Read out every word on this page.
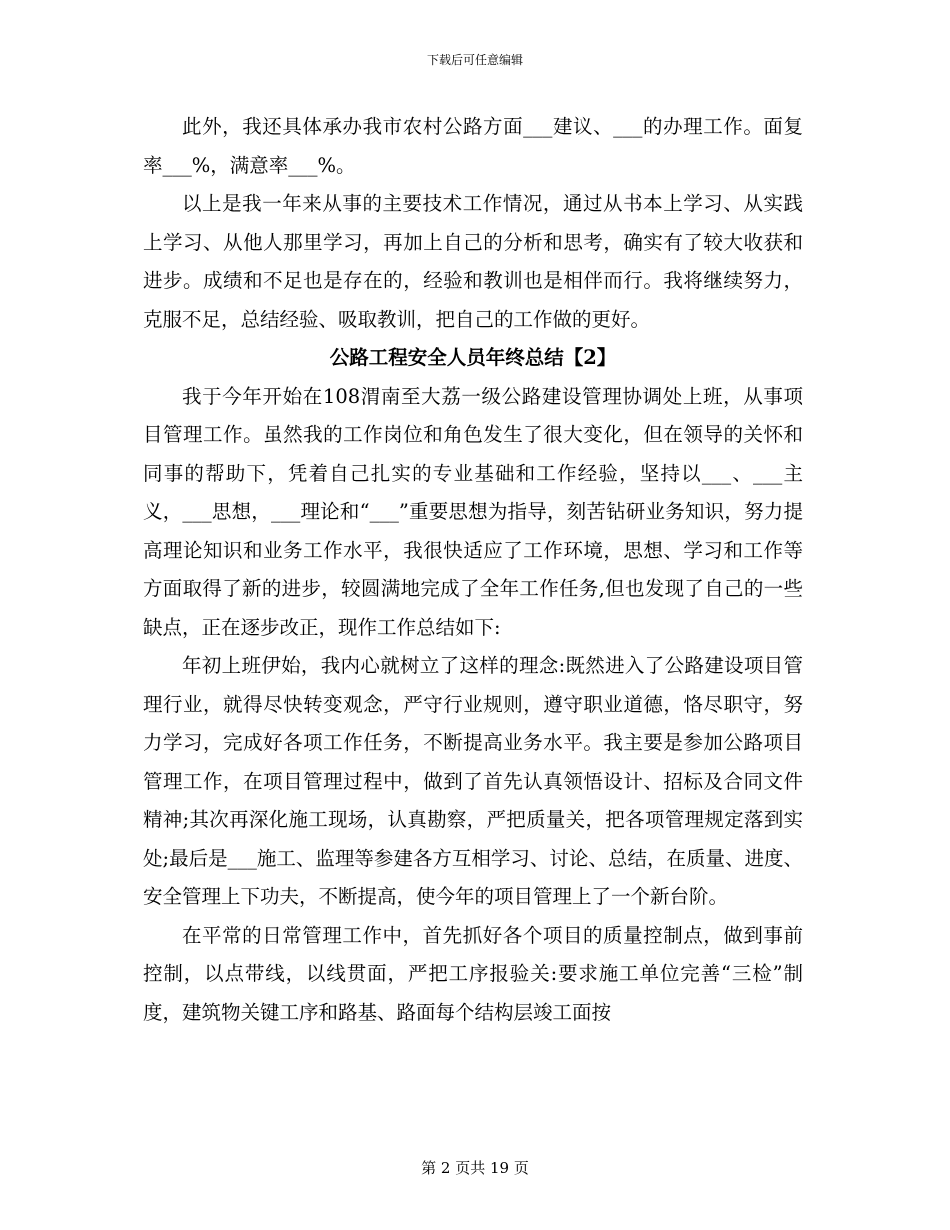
下载后可任意编辑

此外，我还具体承办我市农村公路方面___建议、___的办理工作。面复率___%，满意率___%。

以上是我一年来从事的主要技术工作情况，通过从书本上学习、从实践上学习、从他人那里学习，再加上自己的分析和思考，确实有了较大收获和进步。成绩和不足也是存在的，经验和教训也是相伴而行。我将继续努力，克服不足，总结经验、吸取教训，把自己的工作做的更好。

公路工程安全人员年终总结【2】

我于今年开始在108渭南至大荔一级公路建设管理协调处上班，从事项目管理工作。虽然我的工作岗位和角色发生了很大变化，但在领导的关怀和同事的帮助下，凭着自己扎实的专业基础和工作经验，坚持以___、___主义，___思想，___理论和“___”重要思想为指导，刻苦钻研业务知识，努力提高理论知识和业务工作水平，我很快适应了工作环境，思想、学习和工作等方面取得了新的进步，较圆满地完成了全年工作任务,但也发现了自己的一些缺点，正在逐步改正，现作工作总结如下:

年初上班伊始，我内心就树立了这样的理念:既然进入了公路建设项目管理行业，就得尽快转变观念，严守行业规则，遵守职业道德，恪尽职守，努力学习，完成好各项工作任务，不断提高业务水平。我主要是参加公路项目管理工作，在项目管理过程中，做到了首先认真领悟设计、招标及合同文件精神;其次再深化施工现场，认真勘察，严把质量关，把各项管理规定落到实处;最后是___施工、监理等参建各方互相学习、讨论、总结，在质量、进度、安全管理上下功夫，不断提高，使今年的项目管理上了一个新台阶。

在平常的日常管理工作中，首先抓好各个项目的质量控制点，做到事前控制，以点带线，以线贯面，严把工序报验关:要求施工单位完善“三检”制度，建筑物关键工序和路基、路面每个结构层竣工面按

第 2 页共 19 页
